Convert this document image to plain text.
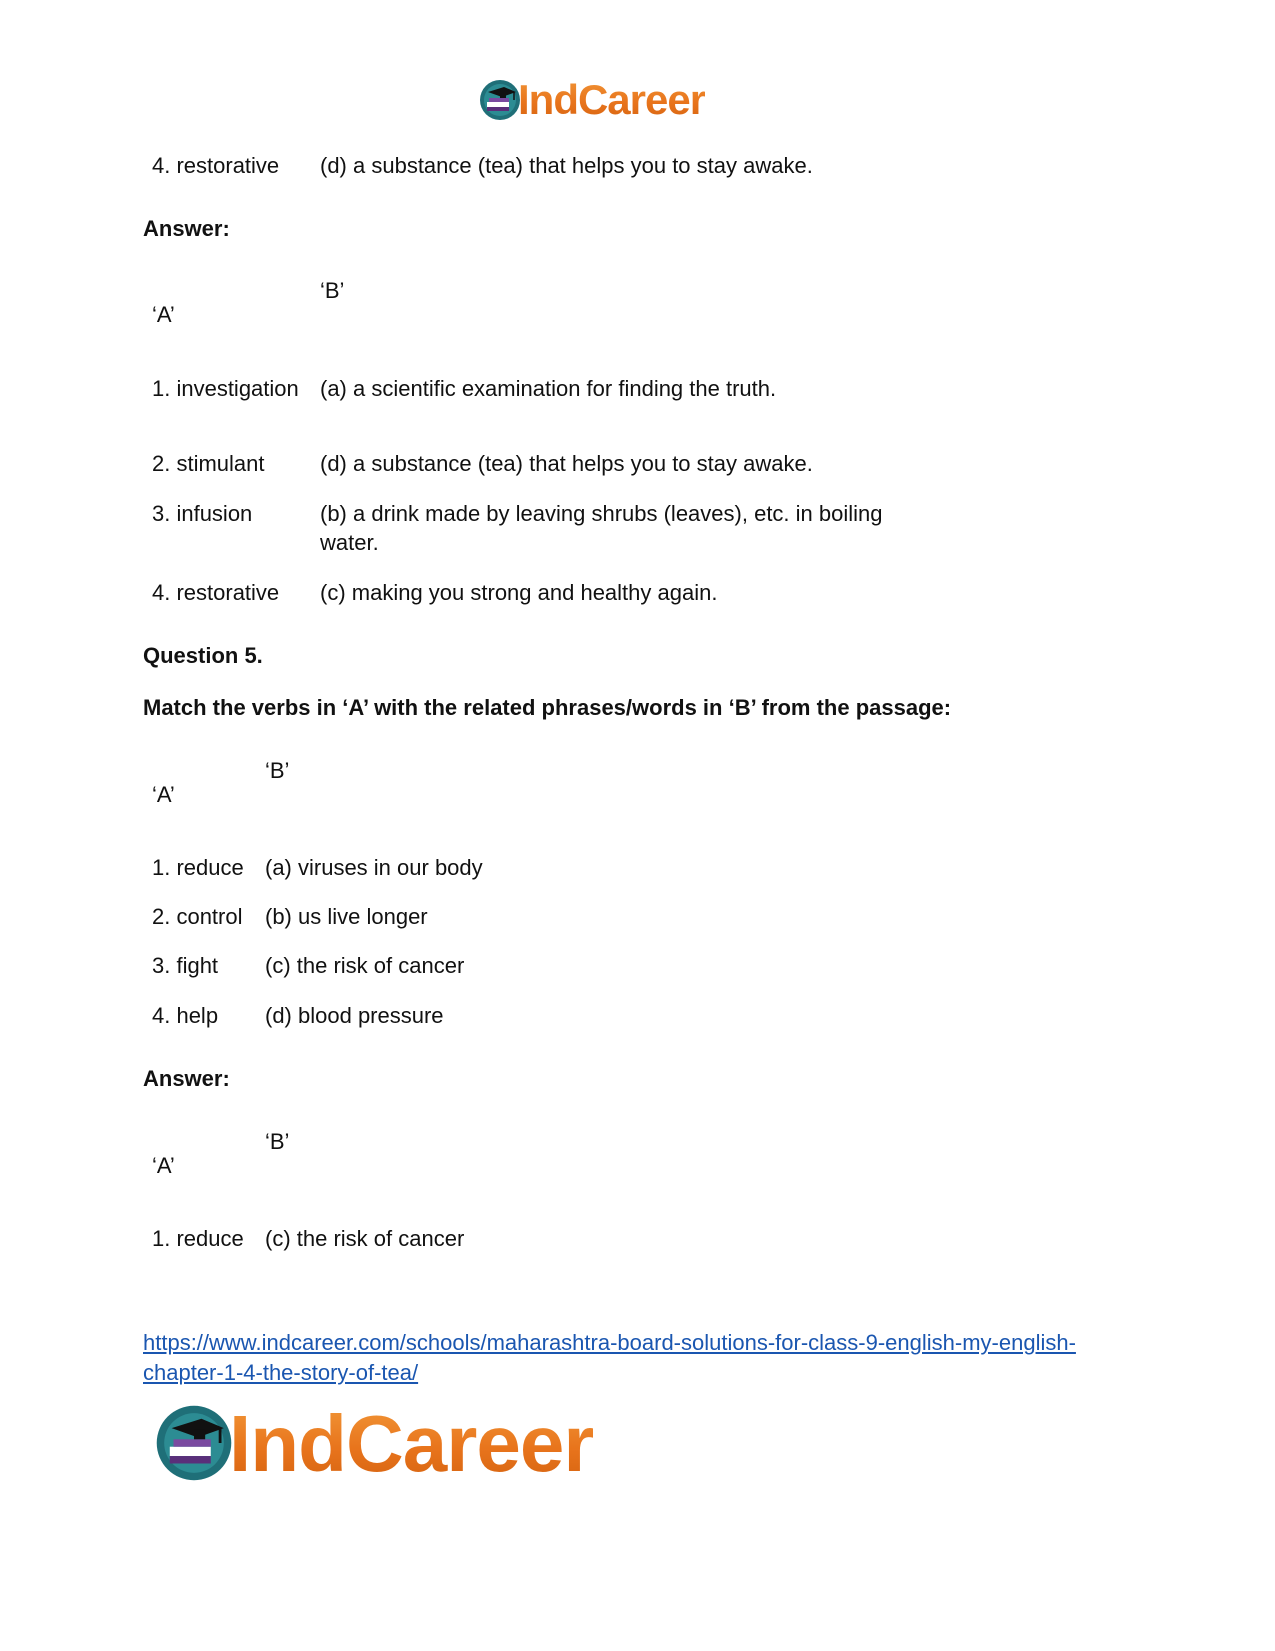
IndCareer
4. restorative (d) a substance (tea) that helps you to stay awake.
Answer:
‘B’
‘A’
1. investigation (a) a scientific examination for finding the truth.
2. stimulant	(d) a substance (tea) that helps you to stay awake.
3. infusion	(b) a drink made by leaving shrubs (leaves), etc. in boiling
water.
4. restorative (c) making you strong and healthy again.
Question 5.
Match the verbs in ‘A’ with the related phrases/words in ‘B’ from the passage:
‘B’
‘A’
1. reduce (a) viruses in our body
2. control (b) us live longer
3. fight (c) the risk of cancer
4. help (d) blood pressure
Answer:
‘B’
‘A’
1. reduce (c) the risk of cancer
https://www.indcareer.com/schools/maharashtra-board-solutions-for-class-9-english-my-english-
chapter-1-4-the-story-of-tea/
IndCareer
